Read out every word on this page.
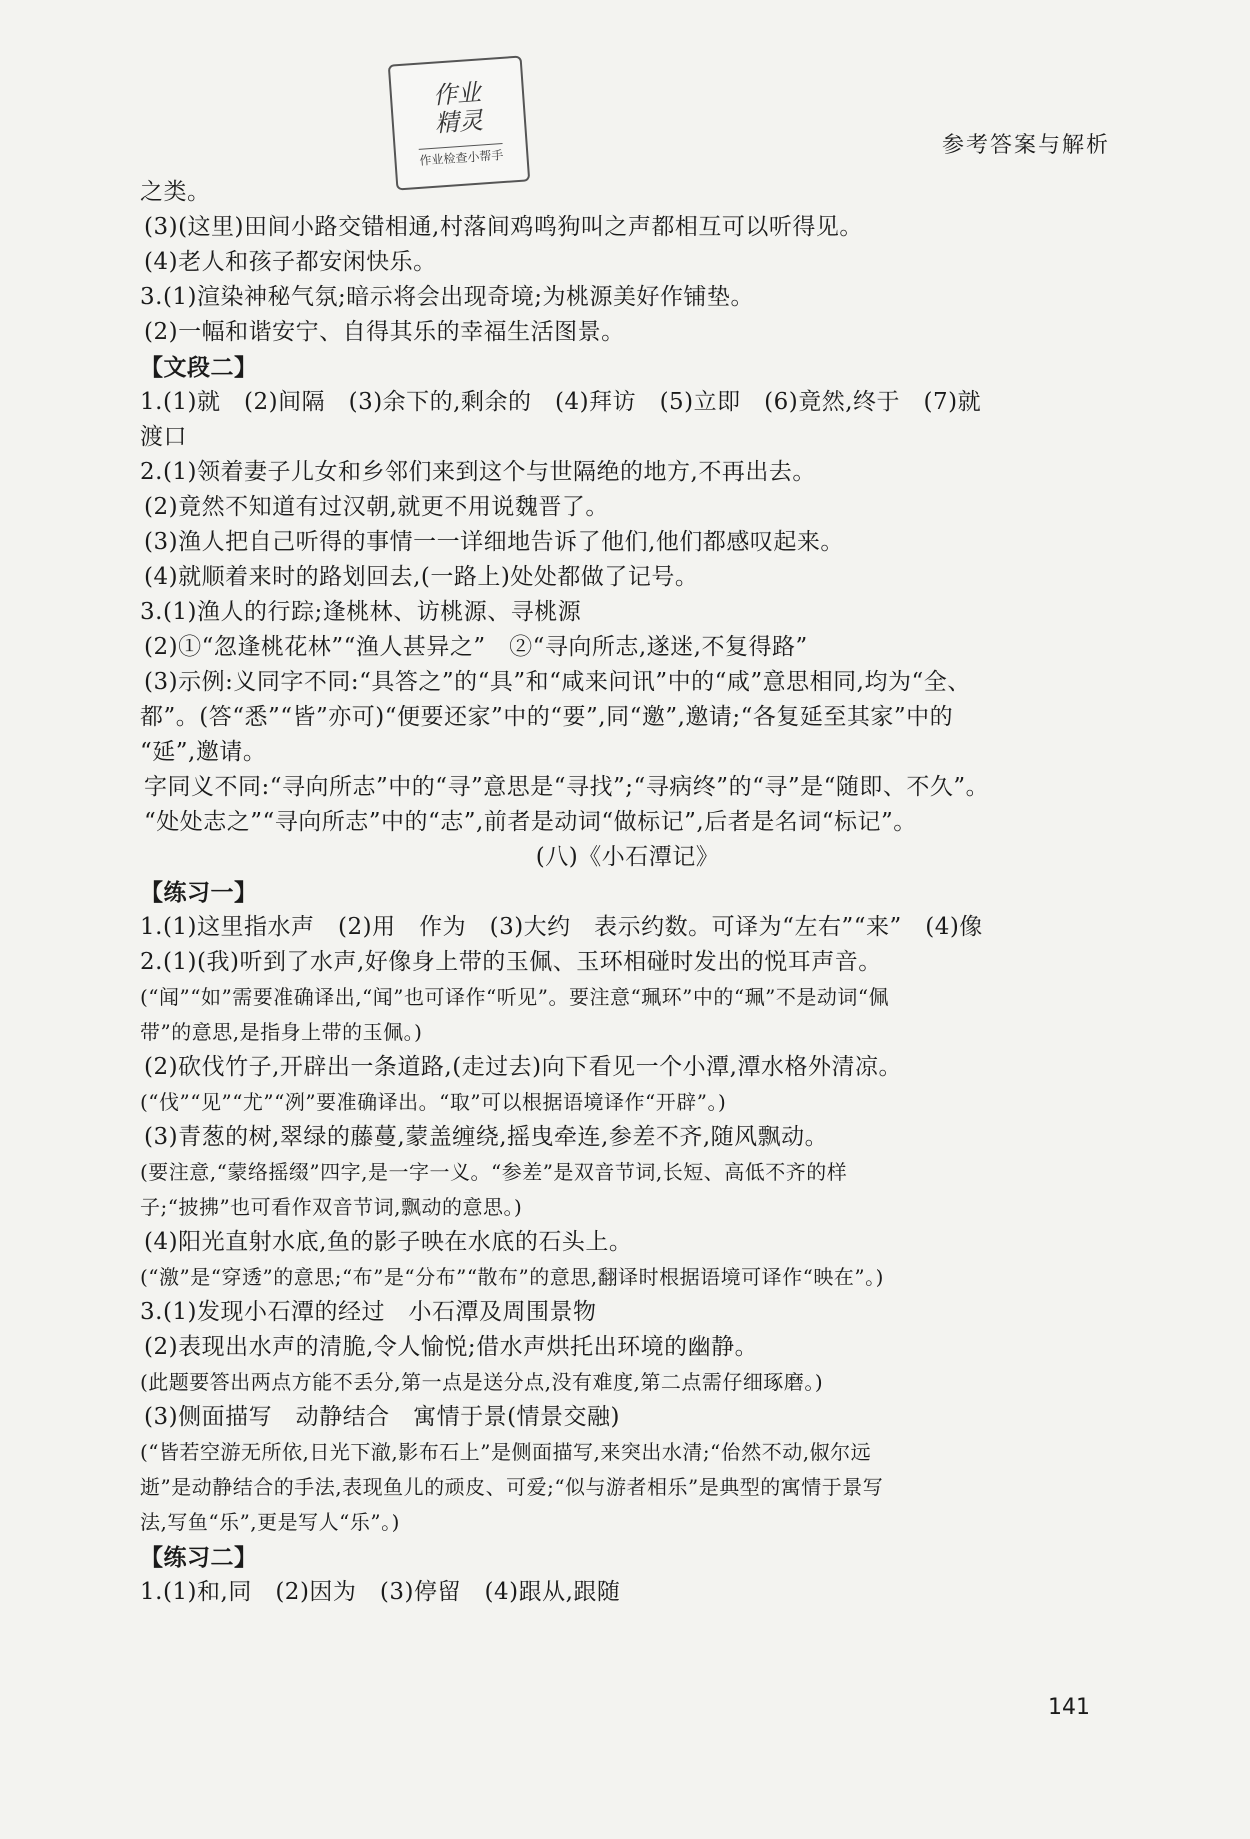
作业
精灵
作业检查小帮手	参考答案与解析
之类。
(3)(这里)田间小路交错相通,村落间鸡鸣狗叫之声都相互可以听得见。
(4)老人和孩子都安闲快乐。
3.(1)渲染神秘气氛;暗示将会出现奇境;为桃源美好作铺垫。
(2)一幅和谐安宁、自得其乐的幸福生活图景。
【文段二】
1.(1)就　(2)间隔　(3)余下的,剩余的　(4)拜访　(5)立即　(6)竟然,终于　(7)就
渡口
2.(1)领着妻子儿女和乡邻们来到这个与世隔绝的地方,不再出去。
(2)竟然不知道有过汉朝,就更不用说魏晋了。
(3)渔人把自己听得的事情一一详细地告诉了他们,他们都感叹起来。
(4)就顺着来时的路划回去,(一路上)处处都做了记号。
3.(1)渔人的行踪;逢桃林、访桃源、寻桃源
(2)①“忽逢桃花林”“渔人甚异之”　②“寻向所志,遂迷,不复得路”
(3)示例:义同字不同:“具答之”的“具”和“咸来问讯”中的“咸”意思相同,均为“全、
都”。(答“悉”“皆”亦可)“便要还家”中的“要”,同“邀”,邀请;“各复延至其家”中的
“延”,邀请。
字同义不同:“寻向所志”中的“寻”意思是“寻找”;“寻病终”的“寻”是“随即、不久”。
“处处志之”“寻向所志”中的“志”,前者是动词“做标记”,后者是名词“标记”。
(八)《小石潭记》
【练习一】
1.(1)这里指水声　(2)用　作为　(3)大约　表示约数。可译为“左右”“来”　(4)像
2.(1)(我)听到了水声,好像身上带的玉佩、玉环相碰时发出的悦耳声音。
(“闻”“如”需要准确译出,“闻”也可译作“听见”。要注意“珮环”中的“珮”不是动词“佩
带”的意思,是指身上带的玉佩。)
(2)砍伐竹子,开辟出一条道路,(走过去)向下看见一个小潭,潭水格外清凉。
(“伐”“见”“尤”“冽”要准确译出。“取”可以根据语境译作“开辟”。)
(3)青葱的树,翠绿的藤蔓,蒙盖缠绕,摇曳牵连,参差不齐,随风飘动。
(要注意,“蒙络摇缀”四字,是一字一义。“参差”是双音节词,长短、高低不齐的样
子;“披拂”也可看作双音节词,飘动的意思。)
(4)阳光直射水底,鱼的影子映在水底的石头上。
(“激”是“穿透”的意思;“布”是“分布”“散布”的意思,翻译时根据语境可译作“映在”。)
3.(1)发现小石潭的经过　小石潭及周围景物
(2)表现出水声的清脆,令人愉悦;借水声烘托出环境的幽静。
(此题要答出两点方能不丢分,第一点是送分点,没有难度,第二点需仔细琢磨。)
(3)侧面描写　动静结合　寓情于景(情景交融)
(“皆若空游无所依,日光下澈,影布石上”是侧面描写,来突出水清;“佁然不动,俶尔远
逝”是动静结合的手法,表现鱼儿的顽皮、可爱;“似与游者相乐”是典型的寓情于景写
法,写鱼“乐”,更是写人“乐”。)
【练习二】
1.(1)和,同　(2)因为　(3)停留　(4)跟从,跟随
141
